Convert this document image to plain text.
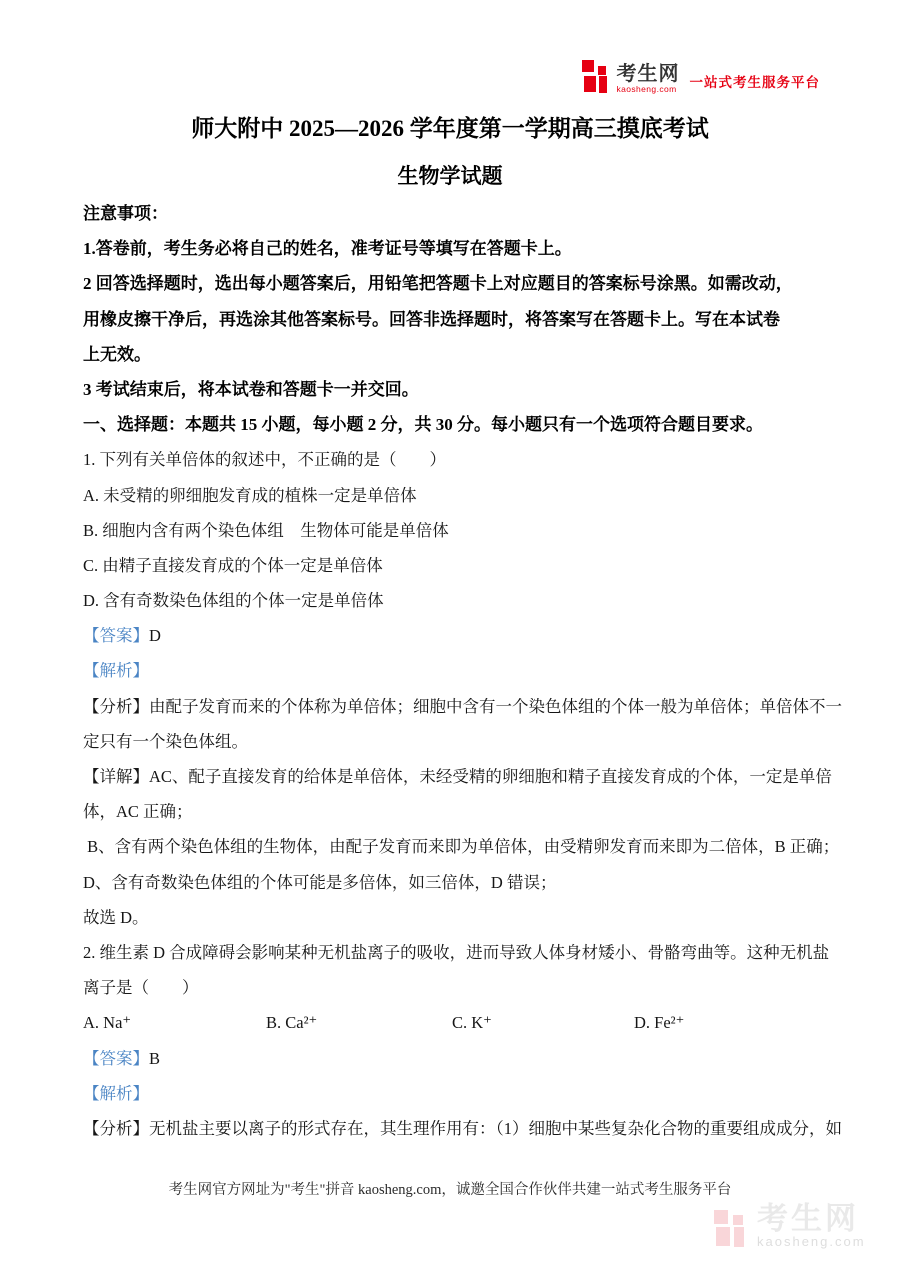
考生网
kaosheng.com 一站式考生服务平台
师大附中 2025—2026 学年度第一学期高三摸底考试
生物学试题
注意事项：
1.答卷前，考生务必将自己的姓名，准考证号等填写在答题卡上。
2 回答选择题时，选出每小题答案后，用铅笔把答题卡上对应题目的答案标号涂黑。如需改动，
用橡皮擦干净后，再选涂其他答案标号。回答非选择题时，将答案写在答题卡上。写在本试卷
上无效。
3 考试结束后，将本试卷和答题卡一并交回。
一、选择题：本题共 15 小题，每小题 2 分，共 30 分。每小题只有一个选项符合题目要求。
1. 下列有关单倍体的叙述中，不正确的是（　　）
A. 未受精的卵细胞发育成的植株一定是单倍体
B. 细胞内含有两个染色体组　生物体可能是单倍体
C. 由精子直接发育成的个体一定是单倍体
D. 含有奇数染色体组的个体一定是单倍体
【答案】D
【解析】
【分析】由配子发育而来的个体称为单倍体；细胞中含有一个染色体组的个体一般为单倍体；单倍体不一
定只有一个染色体组。
【详解】AC、配子直接发育的给体是单倍体，未经受精的卵细胞和精子直接发育成的个体，一定是单倍
体，AC 正确；
B、含有两个染色体组的生物体，由配子发育而来即为单倍体，由受精卵发育而来即为二倍体，B 正确；
D、含有奇数染色体组的个体可能是多倍体，如三倍体，D 错误；
故选 D。
2. 维生素 D 合成障碍会影响某种无机盐离子的吸收，进而导致人体身材矮小、骨骼弯曲等。这种无机盐
离子是（　　）
A. Na⁺	B. Ca²⁺	C. K⁺	D. Fe²⁺
【答案】B
【解析】
【分析】无机盐主要以离子的形式存在，其生理作用有：（1）细胞中某些复杂化合物的重要组成成分，如
考生网官方网址为"考生"拼音 kaosheng.com，诚邀全国合作伙伴共建一站式考生服务平台
考生网
kaosheng.com
